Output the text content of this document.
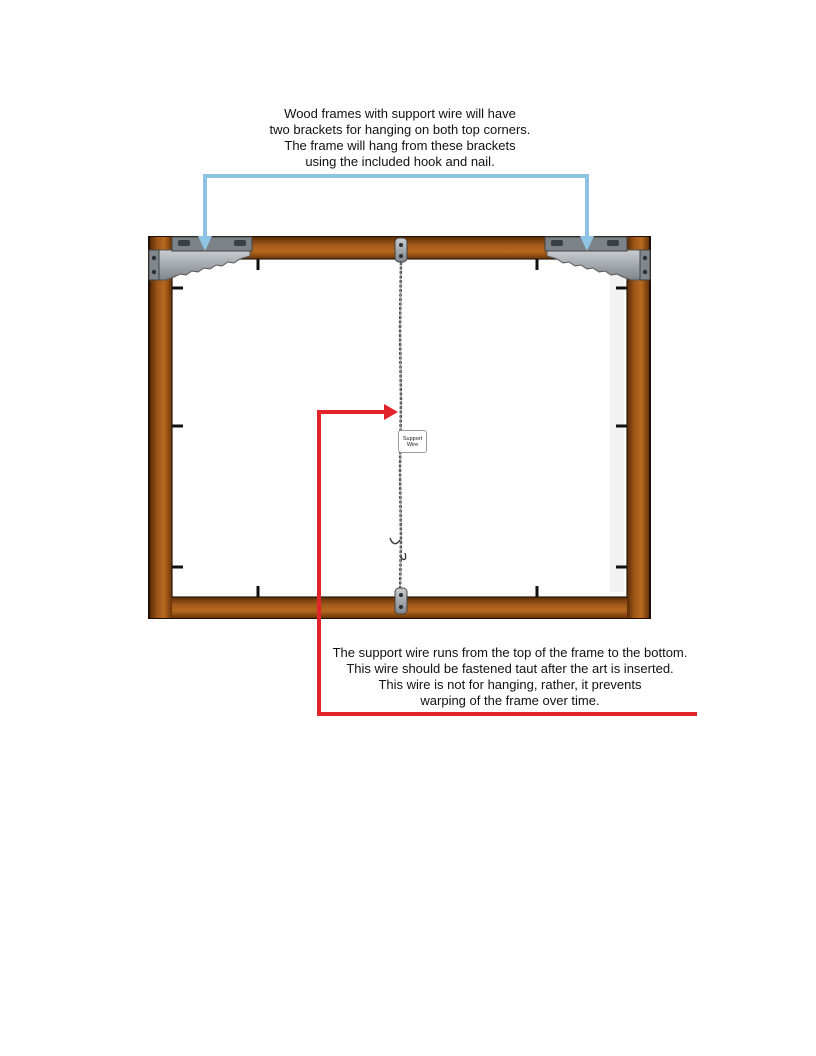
Wood frames with support wire will have
two brackets for hanging on both top corners.
The frame will hang from these brackets
using the included hook and nail.
Support
Wire
The support wire runs from the top of the frame to the bottom.
This wire should be fastened taut after the art is inserted.
This wire is not for hanging, rather, it prevents
warping of the frame over time.
